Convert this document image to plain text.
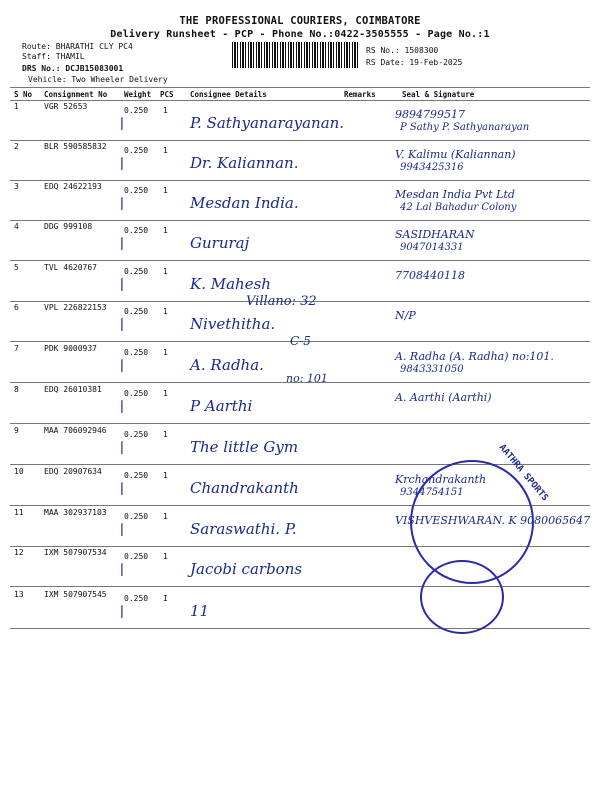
THE PROFESSIONAL COURIERS, COIMBATORE
Delivery Runsheet - PCP - Phone No.:0422-3505555 - Page No.:1
Route: BHARATHI CLY PC4
Staff: THAMIL
DRS No.: DCJB15083001
Vehicle: Two Wheeler Delivery
RS No.: 1508300
RS Date: 19-Feb-2025
S No Consignment No Weight PCS Consignee Details	Remarks	Seal & Signature
1	VGR 52653	0.250 1
P. Sathyanarayanan.	9894799517
P Sathy P. Sathyanarayan
/
2	BLR 590585832 0.250 1
Dr. Kaliannan.	V. Kalimu (Kaliannan)
9943425316
/
3	EDQ 24622193	0.250 1
Mesdan India.	Mesdan India Pvt Ltd
42 Lal Bahadur Colony
/
4	DDG 999108	0.250 1
Gururaj	SASIDHARAN
9047014331
/
5	TVL 4620767	0.250 1
K. Mahesh	7708440118
/
6	VPL 226822153 0.250 1
Nivethitha.	N/P
/
7	PDK 9000937	0.250 1
A. Radha.	A. Radha (A. Radha) no:101.
9843331050
/
8	EDQ 26010381	0.250 1
P Aarthi	A. Aarthi (Aarthi)
/
9	MAA 706092946 0.250 1
The little Gym
/
10	EDQ 20907634	0.250 1
Chandrakanth	Krchandrakanth
9344754151
/
11	MAA 302937103 0.250 1
Saraswathi. P.	VISHVESHWARAN. K 9080065647
/
12	IXM 507907534 0.250 1
Jacobi carbons
/
13	IXM 507907545 0.250 I
11
/
Villano: 32
C-5
no: 101
AATHRA SPORTS
